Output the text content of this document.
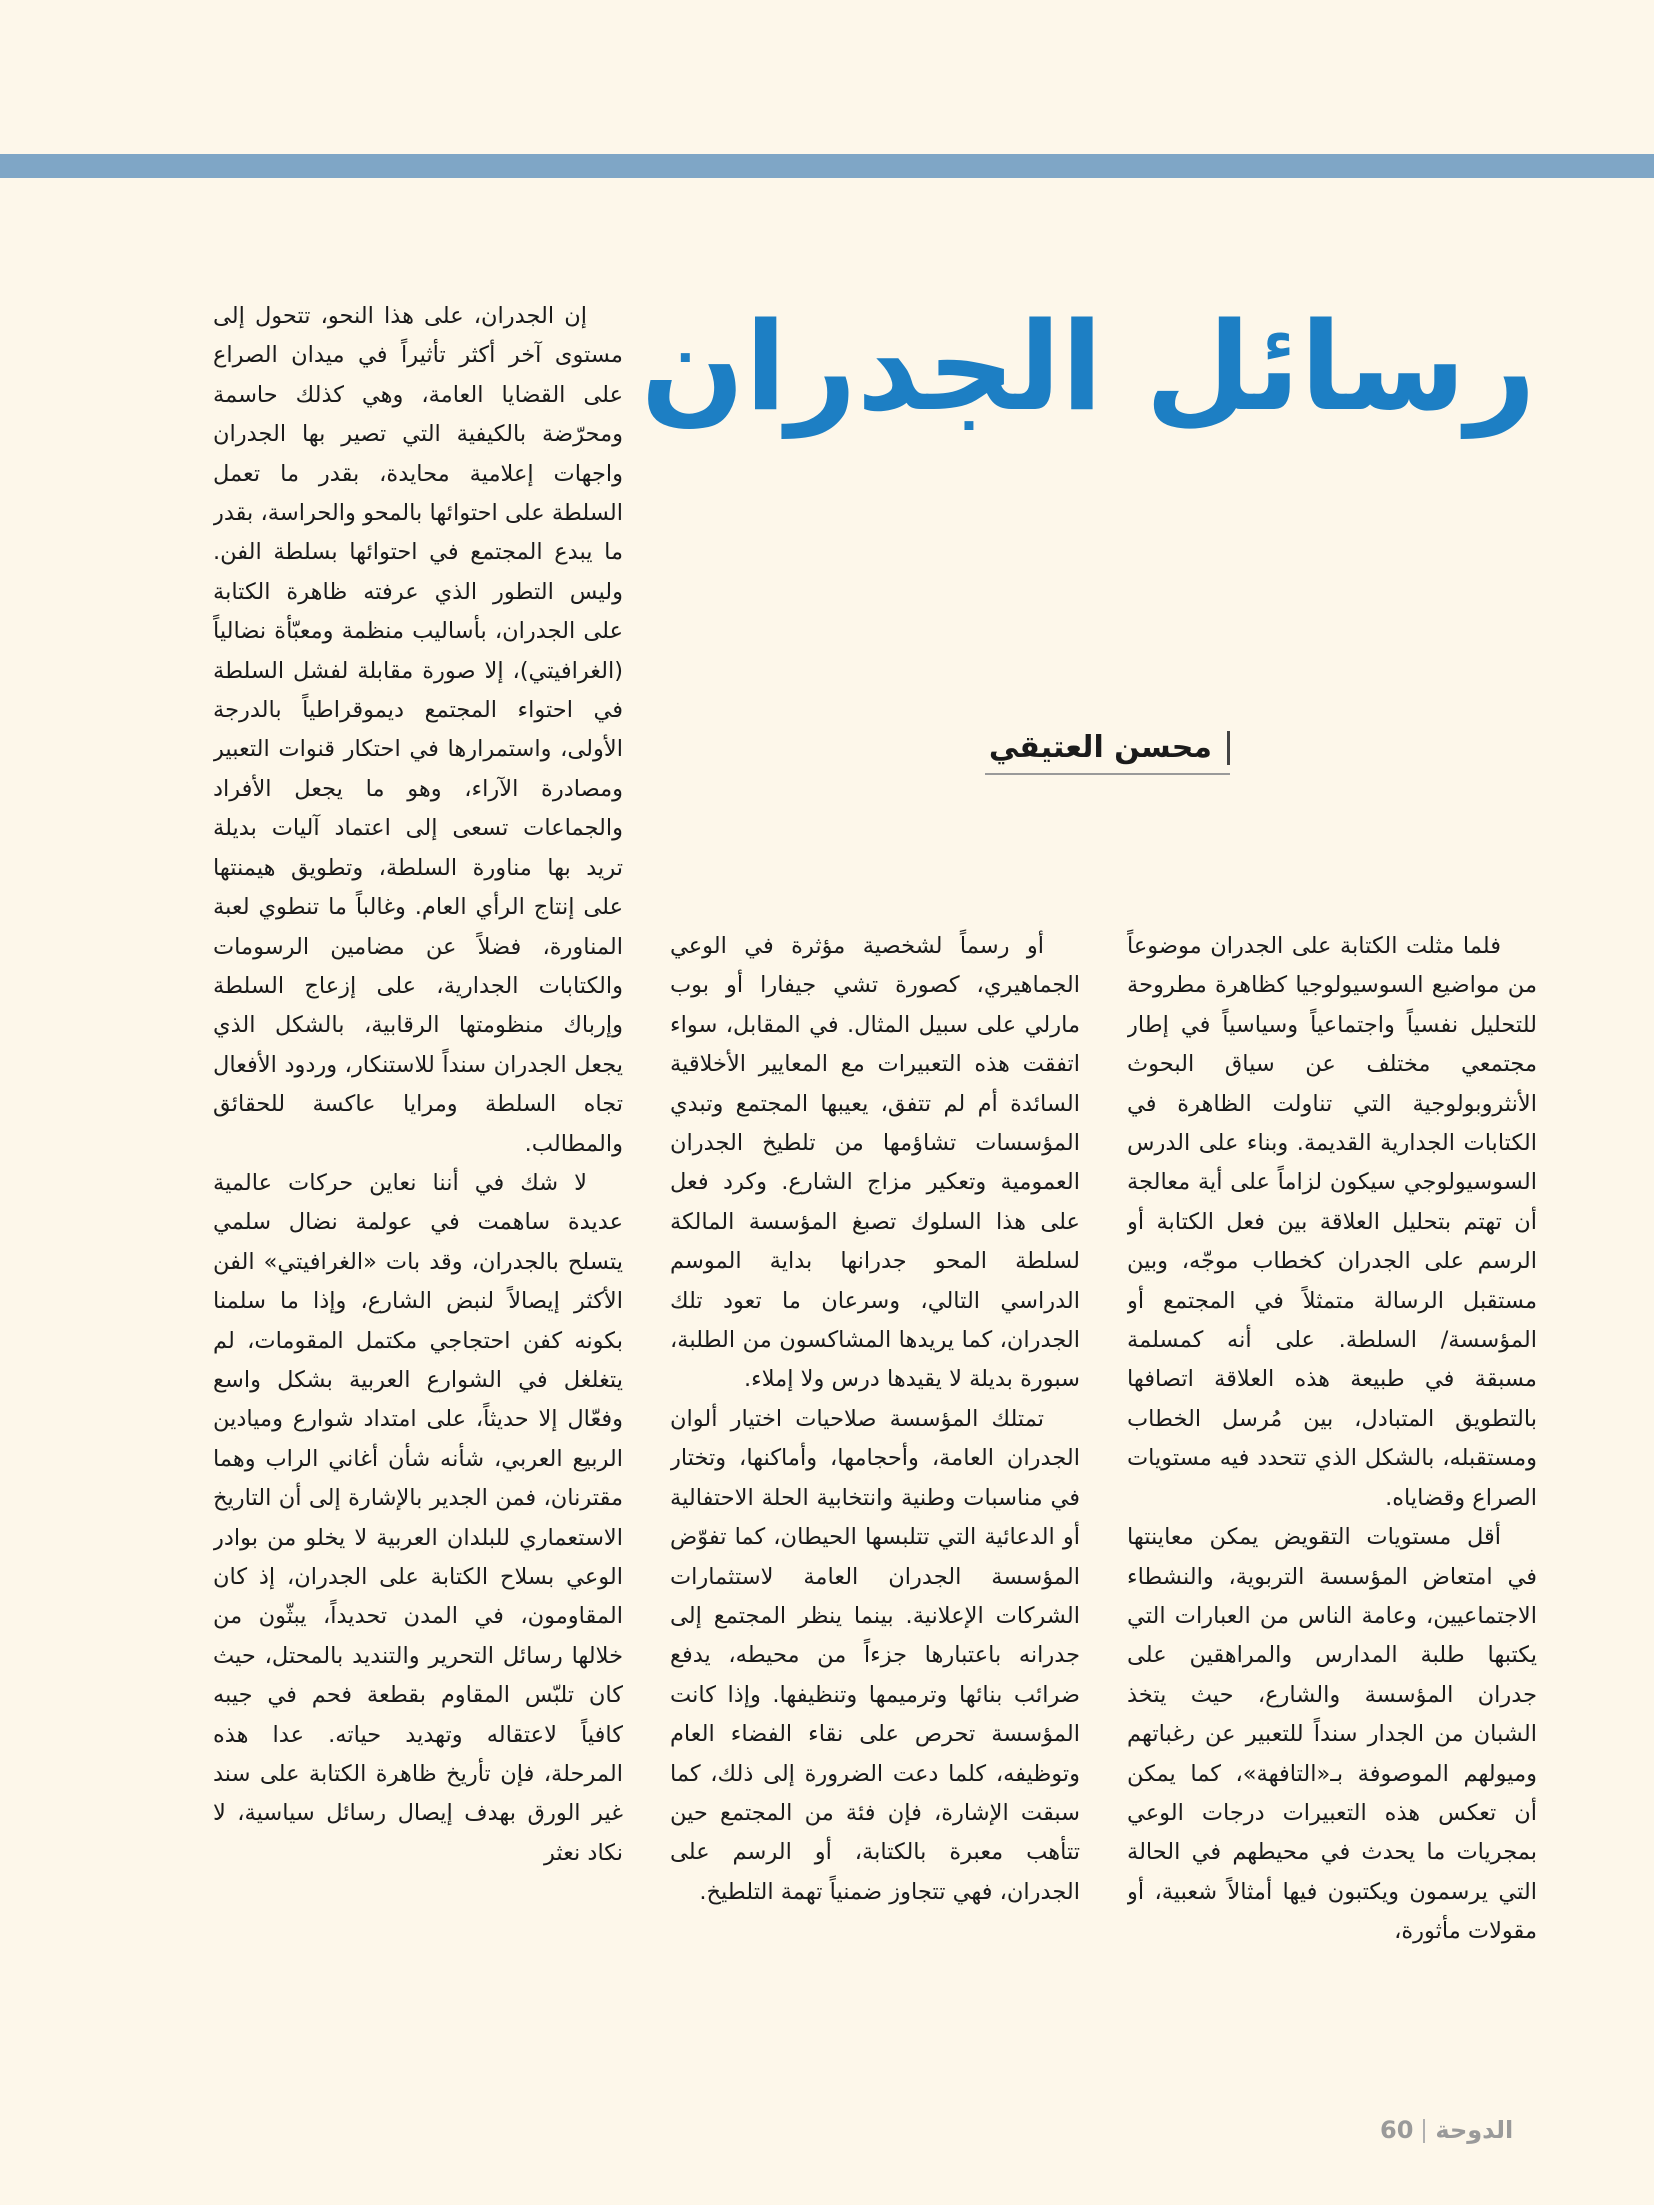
رسائل الجدران
محسن العتيقي

فلما مثلت الكتابة على الجدران موضوعاً من مواضيع السوسيولوجيا كظاهرة مطروحة للتحليل نفسياً واجتماعياً وسياسياً في إطار مجتمعي مختلف عن سياق البحوث الأنثروبولوجية التي تناولت الظاهرة في الكتابات الجدارية القديمة. وبناء على الدرس السوسيولوجي سيكون لزاماً على أية معالجة أن تهتم بتحليل العلاقة بين فعل الكتابة أو الرسم على الجدران كخطاب موجّه، وبين مستقبل الرسالة متمثلاً في المجتمع أو المؤسسة/ السلطة. على أنه كمسلمة مسبقة في طبيعة هذه العلاقة اتصافها بالتطويق المتبادل، بين مُرسل الخطاب ومستقبله، بالشكل الذي تتحدد فيه مستويات الصراع وقضاياه.

أقل مستويات التقويض يمكن معاينتها في امتعاض المؤسسة التربوية، والنشطاء الاجتماعيين، وعامة الناس من العبارات التي يكتبها طلبة المدارس والمراهقين على جدران المؤسسة والشارع، حيث يتخذ الشبان من الجدار سنداً للتعبير عن رغباتهم وميولهم الموصوفة بـ«التافهة»، كما يمكن أن تعكس هذه التعبيرات درجات الوعي بمجريات ما يحدث في محيطهم في الحالة التي يرسمون ويكتبون فيها أمثالاً شعبية، أو مقولات مأثورة،

أو رسماً لشخصية مؤثرة في الوعي الجماهيري، كصورة تشي جيفارا أو بوب مارلي على سبيل المثال. في المقابل، سواء اتفقت هذه التعبيرات مع المعايير الأخلاقية السائدة أم لم تتفق، يعيبها المجتمع وتبدي المؤسسات تشاؤمها من تلطيخ الجدران العمومية وتعكير مزاج الشارع. وكرد فعل على هذا السلوك تصبغ المؤسسة المالكة لسلطة المحو جدرانها بداية الموسم الدراسي التالي، وسرعان ما تعود تلك الجدران، كما يريدها المشاكسون من الطلبة، سبورة بديلة لا يقيدها درس ولا إملاء.

تمتلك المؤسسة صلاحيات اختيار ألوان الجدران العامة، وأحجامها، وأماكنها، وتختار في مناسبات وطنية وانتخابية الحلة الاحتفالية أو الدعائية التي تتلبسها الحيطان، كما تفوّض المؤسسة الجدران العامة لاستثمارات الشركات الإعلانية. بينما ينظر المجتمع إلى جدرانه باعتبارها جزءاً من محيطه، يدفع ضرائب بنائها وترميمها وتنظيفها. وإذا كانت المؤسسة تحرص على نقاء الفضاء العام وتوظيفه، كلما دعت الضرورة إلى ذلك، كما سبقت الإشارة، فإن فئة من المجتمع حين تتأهب معبرة بالكتابة، أو الرسم على الجدران، فهي تتجاوز ضمنياً تهمة التلطيخ.

إن الجدران، على هذا النحو، تتحول إلى مستوى آخر أكثر تأثيراً في ميدان الصراع على القضايا العامة، وهي كذلك حاسمة ومحرّضة بالكيفية التي تصير بها الجدران واجهات إعلامية محايدة، بقدر ما تعمل السلطة على احتوائها بالمحو والحراسة، بقدر ما يبدع المجتمع في احتوائها بسلطة الفن. وليس التطور الذي عرفته ظاهرة الكتابة على الجدران، بأساليب منظمة ومعبّأة نضالياً (الغرافيتي)، إلا صورة مقابلة لفشل السلطة في احتواء المجتمع ديموقراطياً بالدرجة الأولى، واستمرارها في احتكار قنوات التعبير ومصادرة الآراء، وهو ما يجعل الأفراد والجماعات تسعى إلى اعتماد آليات بديلة تريد بها مناورة السلطة، وتطويق هيمنتها على إنتاج الرأي العام. وغالباً ما تنطوي لعبة المناورة، فضلاً عن مضامين الرسومات والكتابات الجدارية، على إزعاج السلطة وإرباك منظومتها الرقابية، بالشكل الذي يجعل الجدران سنداً للاستنكار، وردود الأفعال تجاه السلطة ومرايا عاكسة للحقائق والمطالب.

لا شك في أننا نعاين حركات عالمية عديدة ساهمت في عولمة نضال سلمي يتسلح بالجدران، وقد بات «الغرافيتي» الفن الأكثر إيصالاً لنبض الشارع، وإذا ما سلمنا بكونه كفن احتجاجي مكتمل المقومات، لم يتغلغل في الشوارع العربية بشكل واسع وفعّال إلا حديثاً، على امتداد شوارع وميادين الربيع العربي، شأنه شأن أغاني الراب وهما مقترنان، فمن الجدير بالإشارة إلى أن التاريخ الاستعماري للبلدان العربية لا يخلو من بوادر الوعي بسلاح الكتابة على الجدران، إذ كان المقاومون، في المدن تحديداً، يبثّون من خلالها رسائل التحرير والتنديد بالمحتل، حيث كان تلبّس المقاوم بقطعة فحم في جيبه كافياً لاعتقاله وتهديد حياته. عدا هذه المرحلة، فإن تأريخ ظاهرة الكتابة على سند غير الورق بهدف إيصال رسائل سياسية، لا نكاد نعثر

الدوحة60
